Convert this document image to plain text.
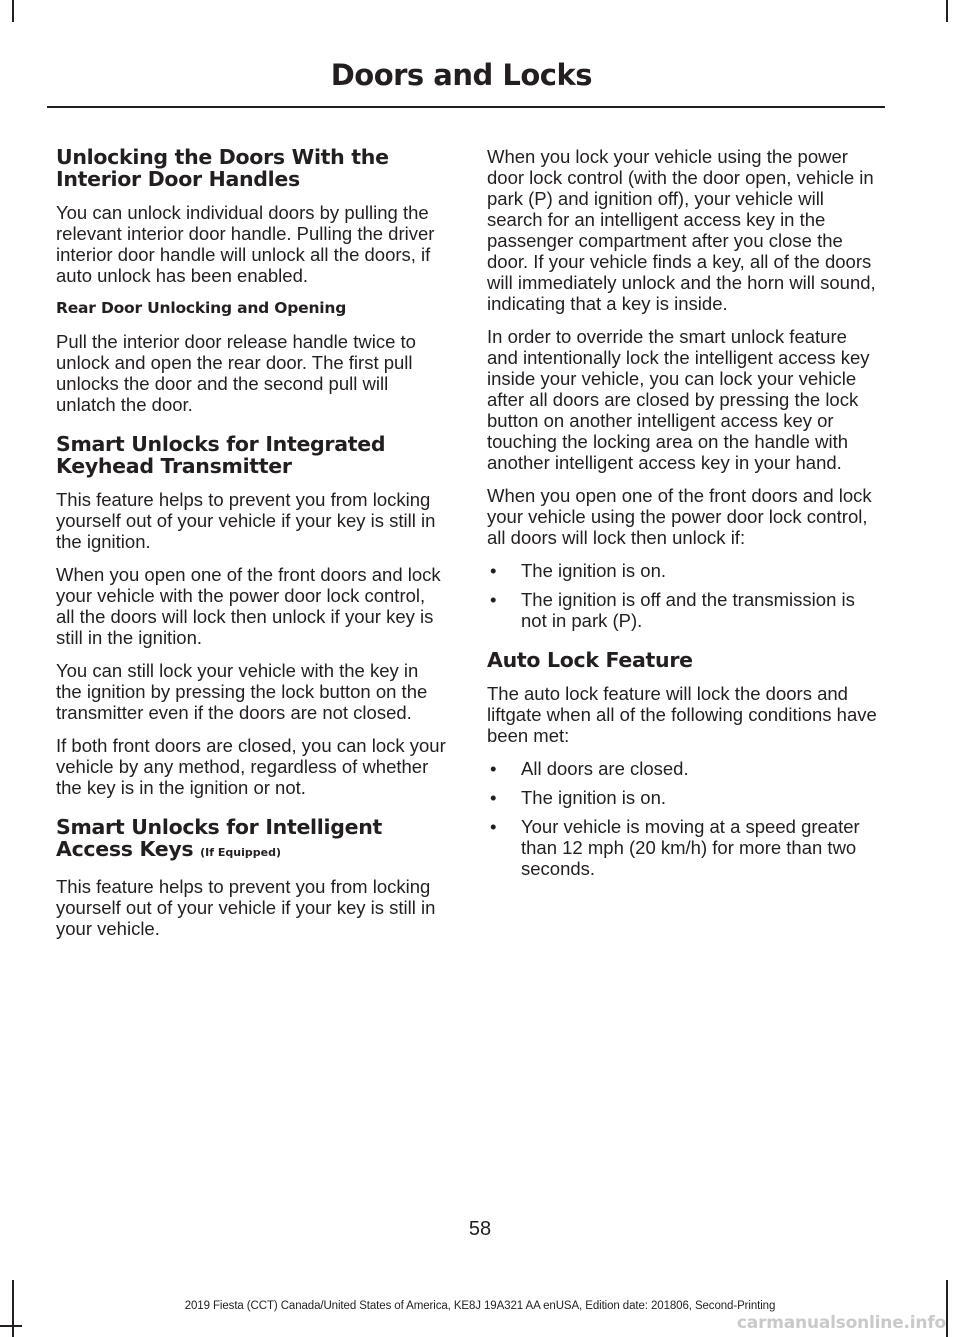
Doors and Locks
Unlocking the Doors With the
Interior Door Handles

You can unlock individual doors by pulling the relevant interior door handle. Pulling the driver interior door handle will unlock all the doors, if auto unlock has been enabled.

Rear Door Unlocking and Opening

Pull the interior door release handle twice to unlock and open the rear door. The first pull unlocks the door and the second pull will unlatch the door.

Smart Unlocks for Integrated
Keyhead Transmitter

This feature helps to prevent you from locking yourself out of your vehicle if your key is still in the ignition.

When you open one of the front doors and lock your vehicle with the power door lock control, all the doors will lock then unlock if your key is still in the ignition.

You can still lock your vehicle with the key in the ignition by pressing the lock button on the transmitter even if the doors are not closed.

If both front doors are closed, you can lock your vehicle by any method, regardless of whether the key is in the ignition or not.

Smart Unlocks for Intelligent
Access Keys (If Equipped)

This feature helps to prevent you from locking yourself out of your vehicle if your key is still in your vehicle.

When you lock your vehicle using the power door lock control (with the door open, vehicle in park (P) and ignition off), your vehicle will search for an intelligent access key in the passenger compartment after you close the door. If your vehicle finds a key, all of the doors will immediately unlock and the horn will sound, indicating that a key is inside.

In order to override the smart unlock feature and intentionally lock the intelligent access key inside your vehicle, you can lock your vehicle after all doors are closed by pressing the lock button on another intelligent access key or touching the locking area on the handle with another intelligent access key in your hand.

When you open one of the front doors and lock your vehicle using the power door lock control, all doors will lock then unlock if:

• The ignition is on.
• The ignition is off and the transmission is not in park (P).
Auto Lock Feature

The auto lock feature will lock the doors and liftgate when all of the following conditions have been met:

• All doors are closed.
• The ignition is on.
• Your vehicle is moving at a speed greater than 12 mph (20 km/h) for more than two seconds.
58
2019 Fiesta (CCT) Canada/United States of America, KE8J 19A321 AA enUSA, Edition date: 201806, Second-Printing
carmanualsonline.info
